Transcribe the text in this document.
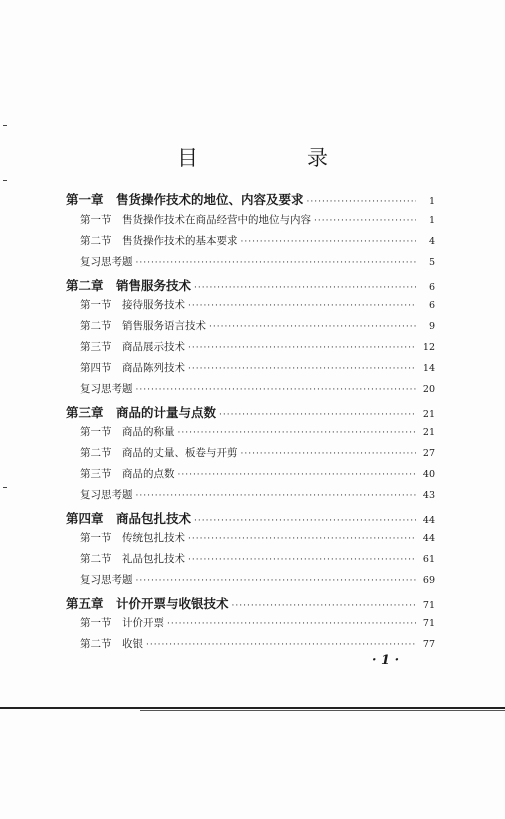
目　录
第一章　售货操作技术的地位、内容及要求 ·····	1
第一节　售货操作技术在商品经营中的地位与内容 ·····	1
第二节　售货操作技术的基本要求 ·····	4
复习思考题 ·····	5
第二章　销售服务技术 ·····	6
第一节　接待服务技术 ·····	6
第二节　销售服务语言技术 ·····	9
第三节　商品展示技术 ·····	12
第四节　商品陈列技术 ·····	14
复习思考题 ·····	20
第三章　商品的计量与点数 ·····	21
第一节　商品的称量 ·····	21
第二节　商品的丈量、板卷与开剪 ·····	27
第三节　商品的点数 ·····	40
复习思考题 ·····	43
第四章　商品包扎技术 ·····	44
第一节　传统包扎技术 ·····	44
第二节　礼品包扎技术 ·····	61
复习思考题 ·····	69
第五章　计价开票与收银技术 ·····	71
第一节　计价开票 ·····	71
第二节　收银 ·····	77
· 1 ·
